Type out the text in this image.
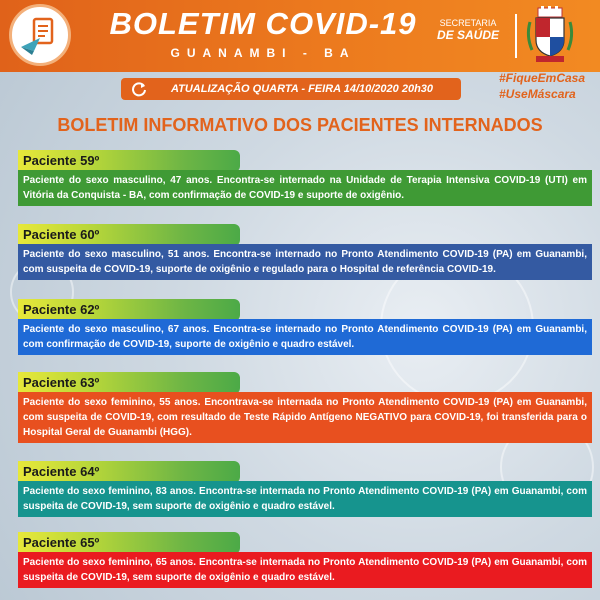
BOLETIM COVID-19
GUANAMBI - BA
SECRETARIA
DE SAÚDE
ATUALIZAÇÃO QUARTA - FEIRA 14/10/2020 20h30
#FiqueEmCasa
#UseMáscara
BOLETIM INFORMATIVO DOS PACIENTES INTERNADOS
Paciente 59º
Paciente do sexo masculino, 47 anos. Encontra-se internado na Unidade de Terapia Intensiva COVID-19 (UTI) em Vitória da Conquista - BA, com confirmação de COVID-19 e suporte de oxigênio.
Paciente 60º
Paciente do sexo masculino, 51 anos. Encontra-se internado no Pronto Atendimento COVID-19 (PA) em Guanambi, com suspeita de COVID-19, suporte de oxigênio e regulado para o Hospital de referência COVID-19.
Paciente 62º
Paciente do sexo masculino, 67 anos. Encontra-se internado no Pronto Atendimento COVID-19 (PA) em Guanambi, com confirmação de COVID-19, suporte de oxigênio e quadro estável.
Paciente 63º
Paciente do sexo feminino, 55 anos. Encontrava-se internada no Pronto Atendimento COVID-19 (PA) em Guanambi, com suspeita de COVID-19, com resultado de Teste Rápido Antígeno NEGATIVO para COVID-19, foi transferida para o Hospital Geral de Guanambi (HGG).
Paciente 64º
Paciente do sexo feminino, 83 anos. Encontra-se internada no Pronto Atendimento COVID-19 (PA) em Guanambi, com suspeita de COVID-19, sem suporte de oxigênio e quadro estável.
Paciente 65º
Paciente do sexo feminino, 65 anos. Encontra-se internada no Pronto Atendimento COVID-19 (PA) em Guanambi, com suspeita de COVID-19, sem suporte de oxigênio e quadro estável.
